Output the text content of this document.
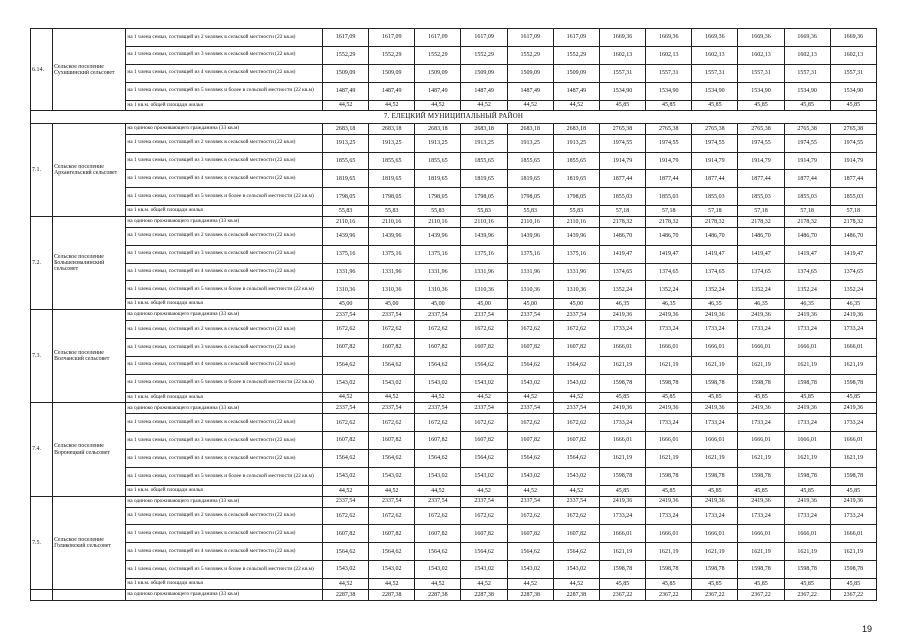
6.14.	Сельское поселение Сухишинский сельсовет	на 1 члена семьи, состоящей из 2 человек в сельской местности (22 кв.м)	1617,09	1617,09	1617,09	1617,09	1617,09	1617,09	1669,36	1669,36	1669,36	1669,36	1669,36	1669,36
		на 1 члена семьи, состоящей из 3 человек в сельской местности (22 кв.м)	1552,29	1552,29	1552,29	1552,29	1552,29	1552,29	1602,13	1602,13	1602,13	1602,13	1602,13	1602,13
		на 1 члена семьи, состоящей из 4 человек в сельской местности (22 кв.м)	1509,09	1509,09	1509,09	1509,09	1509,09	1509,09	1557,31	1557,31	1557,31	1557,31	1557,31	1557,31
		на 1 члена семьи, состоящей из 5 человек и более в сельской местности (22 кв.м)	1487,49	1487,49	1487,49	1487,49	1487,49	1487,49	1534,90	1534,90	1534,90	1534,90	1534,90	1534,90
		на 1 кв.м. общей площади жилья	44,52	44,52	44,52	44,52	44,52	44,52	45,85	45,85	45,85	45,85	45,85	45,85
7. ЕЛЕЦКИЙ МУНИЦИПАЛЬНЫЙ РАЙОН														
7.1.	Сельское поселение Архангельский сельсовет	на одиноко проживающего гражданина (33 кв.м)	2683,18	2683,18	2683,18	2683,18	2683,18	2683,18	2765,38	2765,38	2765,38	2765,38	2765,38	2765,38
		на 1 члена семьи, состоящей из 2 человек в сельской местности (22 кв.м)	1913,25	1913,25	1913,25	1913,25	1913,25	1913,25	1974,55	1974,55	1974,55	1974,55	1974,55	1974,55
		на 1 члена семьи, состоящей из 3 человек в сельской местности (22 кв.м)	1855,65	1855,65	1855,65	1855,65	1855,65	1855,65	1914,79	1914,79	1914,79	1914,79	1914,79	1914,79
		на 1 члена семьи, состоящей из 4 человек в сельской местности (22 кв.м)	1819,65	1819,65	1819,65	1819,65	1819,65	1819,65	1877,44	1877,44	1877,44	1877,44	1877,44	1877,44
		на 1 члена семьи, состоящей из 5 человек и более в сельской местности (22 кв.м)	1798,05	1798,05	1798,05	1798,05	1798,05	1798,05	1855,03	1855,03	1855,03	1855,03	1855,03	1855,03
		на 1 кв.м. общей площади жилья	55,83	55,83	55,83	55,83	55,83	55,83	57,18	57,18	57,18	57,18	57,18	57,18
7.2.	Сельское поселение Большеизвалинский сельсовет	на одиноко проживающего гражданина (33 кв.м)	2110,16	2110,16	2110,16	2110,16	2110,16	2110,16	2178,32	2178,32	2178,32	2178,32	2178,32	2178,32
		на 1 члена семьи, состоящей из 2 человек в сельской местности (22 кв.м)	1439,96	1439,96	1439,96	1439,96	1439,96	1439,96	1486,70	1486,70	1486,70	1486,70	1486,70	1486,70
		на 1 члена семьи, состоящей из 3 человек в сельской местности (22 кв.м)	1375,16	1375,16	1375,16	1375,16	1375,16	1375,16	1419,47	1419,47	1419,47	1419,47	1419,47	1419,47
		на 1 члена семьи, состоящей из 4 человек в сельской местности (22 кв.м)	1331,96	1331,96	1331,96	1331,96	1331,96	1331,96	1374,65	1374,65	1374,65	1374,65	1374,65	1374,65
		на 1 члена семьи, состоящей из 5 человек и более в сельской местности (22 кв.м)	1310,36	1310,36	1310,36	1310,36	1310,36	1310,36	1352,24	1352,24	1352,24	1352,24	1352,24	1352,24
		на 1 кв.м. общей площади жилья	45,00	45,00	45,00	45,00	45,00	45,00	46,35	46,35	46,35	46,35	46,35	46,35
7.3.	Сельское поселение Волчанский сельсовет	на одиноко проживающего гражданина (33 кв.м)	2337,54	2337,54	2337,54	2337,54	2337,54	2337,54	2419,36	2419,36	2419,36	2419,36	2419,36	2419,36
		на 1 члена семьи, состоящей из 2 человек в сельской местности (22 кв.м)	1672,62	1672,62	1672,62	1672,62	1672,62	1672,62	1733,24	1733,24	1733,24	1733,24	1733,24	1733,24
		на 1 члена семьи, состоящей из 3 человек в сельской местности (22 кв.м)	1607,82	1607,82	1607,82	1607,82	1607,82	1607,82	1666,01	1666,01	1666,01	1666,01	1666,01	1666,01
		на 1 члена семьи, состоящей из 4 человек в сельской местности (22 кв.м)	1564,62	1564,62	1564,62	1564,62	1564,62	1564,62	1621,19	1621,19	1621,19	1621,19	1621,19	1621,19
		на 1 члена семьи, состоящей из 5 человек и более в сельской местности (22 кв.м)	1543,02	1543,02	1543,02	1543,02	1543,02	1543,02	1598,78	1598,78	1598,78	1598,78	1598,78	1598,78
		на 1 кв.м. общей площади жилья	44,52	44,52	44,52	44,52	44,52	44,52	45,85	45,85	45,85	45,85	45,85	45,85
7.4.	Сельское поселение Воронецкий сельсовет	на одиноко проживающего гражданина (33 кв.м)	2337,54	2337,54	2337,54	2337,54	2337,54	2337,54	2419,36	2419,36	2419,36	2419,36	2419,36	2419,36
		на 1 члена семьи, состоящей из 2 человек в сельской местности (22 кв.м)	1672,62	1672,62	1672,62	1672,62	1672,62	1672,62	1733,24	1733,24	1733,24	1733,24	1733,24	1733,24
		на 1 члена семьи, состоящей из 3 человек в сельской местности (22 кв.м)	1607,82	1607,82	1607,82	1607,82	1607,82	1607,82	1666,01	1666,01	1666,01	1666,01	1666,01	1666,01
		на 1 члена семьи, состоящей из 4 человек в сельской местности (22 кв.м)	1564,62	1564,62	1564,62	1564,62	1564,62	1564,62	1621,19	1621,19	1621,19	1621,19	1621,19	1621,19
		на 1 члена семьи, состоящей из 5 человек и более в сельской местности (22 кв.м)	1543,02	1543,02	1543,02	1543,02	1543,02	1543,02	1598,78	1598,78	1598,78	1598,78	1598,78	1598,78
		на 1 кв.м. общей площади жилья	44,52	44,52	44,52	44,52	44,52	44,52	45,85	45,85	45,85	45,85	45,85	45,85
7.5.	Сельское поселение Голиковский сельсовет	на одиноко проживающего гражданина (33 кв.м)	2337,54	2337,54	2337,54	2337,54	2337,54	2337,54	2419,36	2419,36	2419,36	2419,36	2419,36	2419,36
		на 1 члена семьи, состоящей из 2 человек в сельской местности (22 кв.м)	1672,62	1672,62	1672,62	1672,62	1672,62	1672,62	1733,24	1733,24	1733,24	1733,24	1733,24	1733,24
		на 1 члена семьи, состоящей из 3 человек в сельской местности (22 кв.м)	1607,82	1607,82	1607,82	1607,82	1607,82	1607,82	1666,01	1666,01	1666,01	1666,01	1666,01	1666,01
		на 1 члена семьи, состоящей из 4 человек в сельской местности (22 кв.м)	1564,62	1564,62	1564,62	1564,62	1564,62	1564,62	1621,19	1621,19	1621,19	1621,19	1621,19	1621,19
		на 1 члена семьи, состоящей из 5 человек и более в сельской местности (22 кв.м)	1543,02	1543,02	1543,02	1543,02	1543,02	1543,02	1598,78	1598,78	1598,78	1598,78	1598,78	1598,78
		на 1 кв.м. общей площади жилья	44,52	44,52	44,52	44,52	44,52	44,52	45,85	45,85	45,85	45,85	45,85	45,85
		на одиноко проживающего гражданина (33 кв.м)	2287,38	2287,38	2287,38	2287,38	2287,38	2287,38	2367,22	2367,22	2367,22	2367,22	2367,22	2367,22
19
